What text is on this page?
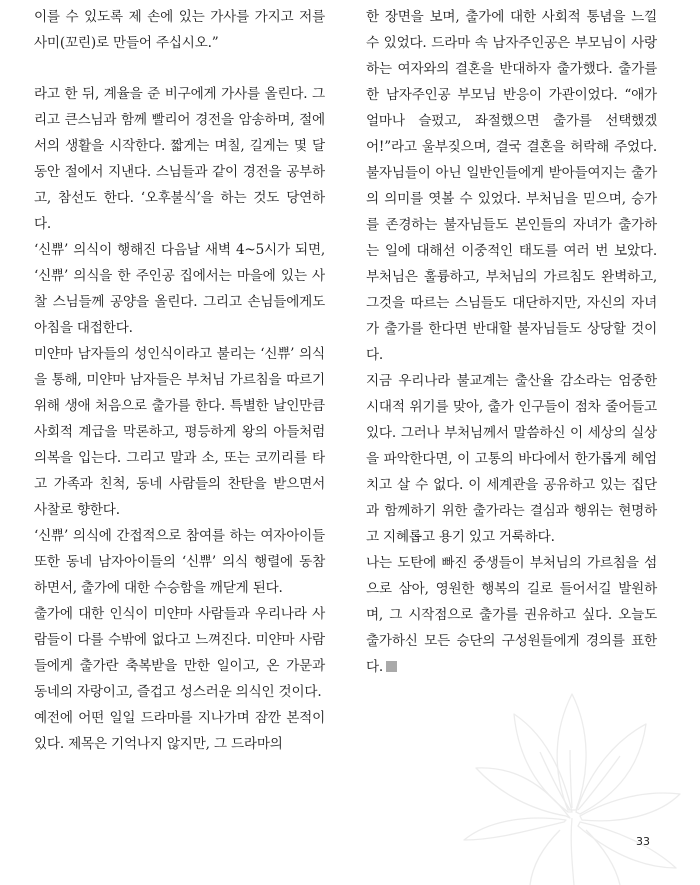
이를 수 있도록 제 손에 있는 가사를 가지고 저를 사미(꼬린)로 만들어 주십시오.”

라고 한 뒤, 계율을 준 비구에게 가사를 올린다. 그리고 큰스님과 함께 빨리어 경전을 암송하며, 절에서의 생활을 시작한다. 짧게는 며칠, 길게는 몇 달 동안 절에서 지낸다. 스님들과 같이 경전을 공부하고, 참선도 한다. ‘오후불식’을 하는 것도 당연하다.

‘신쀼’ 의식이 행해진 다음날 새벽 4~5시가 되면, ‘신쀼’ 의식을 한 주인공 집에서는 마을에 있는 사찰 스님들께 공양을 올린다. 그리고 손님들에게도 아침을 대접한다.

미얀마 남자들의 성인식이라고 불리는 ‘신쀼’ 의식을 통해, 미얀마 남자들은 부처님 가르침을 따르기 위해 생애 처음으로 출가를 한다. 특별한 날인만큼 사회적 계급을 막론하고, 평등하게 왕의 아들처럼 의복을 입는다. 그리고 말과 소, 또는 코끼리를 타고 가족과 친척, 동네 사람들의 찬탄을 받으면서 사찰로 향한다.

‘신쀼’ 의식에 간접적으로 참여를 하는 여자아이들 또한 동네 남자아이들의 ‘신쀼’ 의식 행렬에 동참하면서, 출가에 대한 수승함을 깨닫게 된다.

출가에 대한 인식이 미얀마 사람들과 우리나라 사람들이 다를 수밖에 없다고 느껴진다. 미얀마 사람들에게 출가란 축복받을 만한 일이고, 온 가문과 동네의 자랑이고, 즐겁고 성스러운 의식인 것이다.

예전에 어떤 일일 드라마를 지나가며 잠깐 본적이 있다. 제목은 기억나지 않지만, 그 드라마의

한 장면을 보며, 출가에 대한 사회적 통념을 느낄 수 있었다. 드라마 속 남자주인공은 부모님이 사랑하는 여자와의 결혼을 반대하자 출가했다. 출가를 한 남자주인공 부모님 반응이 가관이었다. “애가 얼마나 슬펐고, 좌절했으면 출가를 선택했겠어!”라고 울부짖으며, 결국 결혼을 허락해 주었다. 불자님들이 아닌 일반인들에게 받아들여지는 출가의 의미를 엿볼 수 있었다. 부처님을 믿으며, 승가를 존경하는 불자님들도 본인들의 자녀가 출가하는 일에 대해선 이중적인 태도를 여러 번 보았다. 부처님은 훌륭하고, 부처님의 가르침도 완벽하고, 그것을 따르는 스님들도 대단하지만, 자신의 자녀가 출가를 한다면 반대할 불자님들도 상당할 것이다.

지금 우리나라 불교계는 출산율 감소라는 엄중한 시대적 위기를 맞아, 출가 인구들이 점차 줄어들고 있다. 그러나 부처님께서 말씀하신 이 세상의 실상을 파악한다면, 이 고통의 바다에서 한가롭게 헤엄치고 살 수 없다. 이 세계관을 공유하고 있는 집단과 함께하기 위한 출가라는 결심과 행위는 현명하고 지혜롭고 용기 있고 거룩하다.

나는 도탄에 빠진 중생들이 부처님의 가르침을 섬으로 삼아, 영원한 행복의 길로 들어서길 발원하며, 그 시작점으로 출가를 권유하고 싶다. 오늘도 출가하신 모든 승단의 구성원들에게 경의를 표한다.

33
